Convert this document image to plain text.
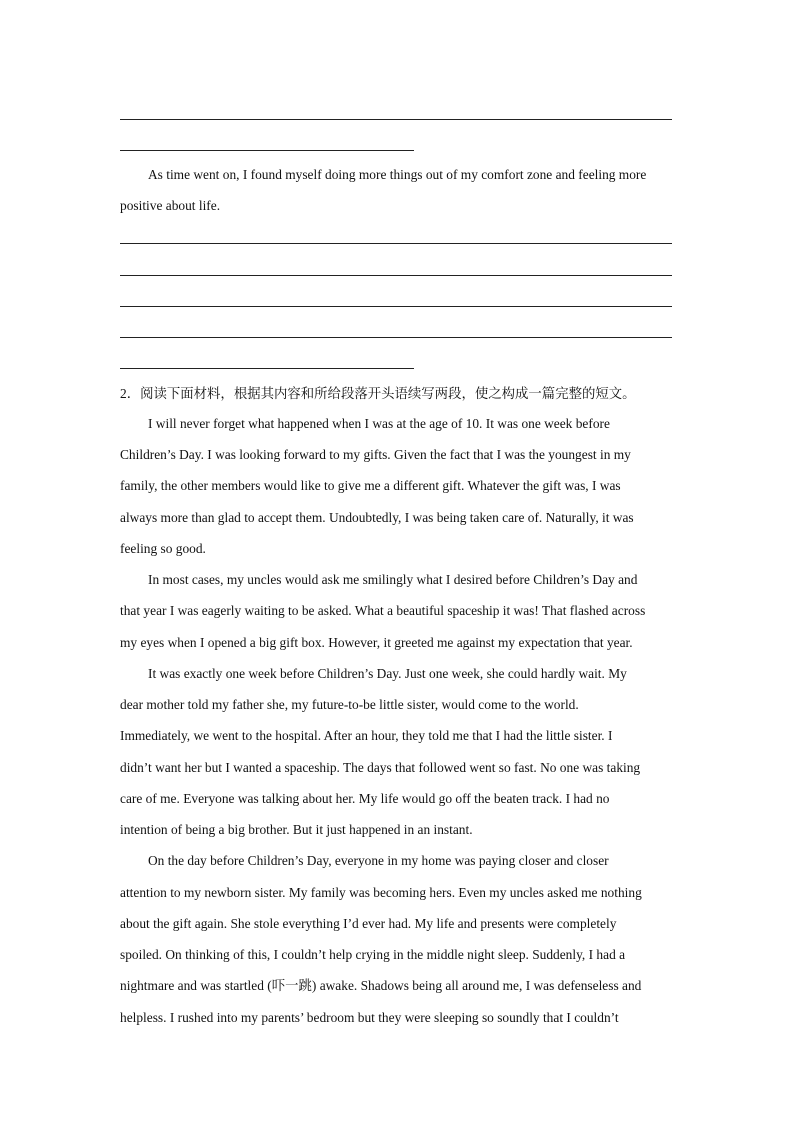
As time went on, I found myself doing more things out of my comfort zone and feeling more
positive about life.
2．阅读下面材料，根据其内容和所给段落开头语续写两段，使之构成一篇完整的短文。
I will never forget what happened when I was at the age of 10. It was one week before
Children’s Day. I was looking forward to my gifts. Given the fact that I was the youngest in my
family, the other members would like to give me a different gift. Whatever the gift was, I was
always more than glad to accept them. Undoubtedly, I was being taken care of. Naturally, it was
feeling so good.
In most cases, my uncles would ask me smilingly what I desired before Children’s Day and
that year I was eagerly waiting to be asked. What a beautiful spaceship it was! That flashed across
my eyes when I opened a big gift box. However, it greeted me against my expectation that year.
It was exactly one week before Children’s Day. Just one week, she could hardly wait. My
dear mother told my father she, my future-to-be little sister, would come to the world.
Immediately, we went to the hospital. After an hour, they told me that I had the little sister. I
didn’t want her but I wanted a spaceship. The days that followed went so fast. No one was taking
care of me. Everyone was talking about her. My life would go off the beaten track. I had no
intention of being a big brother. But it just happened in an instant.
On the day before Children’s Day, everyone in my home was paying closer and closer
attention to my newborn sister. My family was becoming hers. Even my uncles asked me nothing
about the gift again. She stole everything I’d ever had. My life and presents were completely
spoiled. On thinking of this, I couldn’t help crying in the middle night sleep. Suddenly, I had a
nightmare and was startled (吓一跳) awake. Shadows being all around me, I was defenseless and
helpless. I rushed into my parents’ bedroom but they were sleeping so soundly that I couldn’t
